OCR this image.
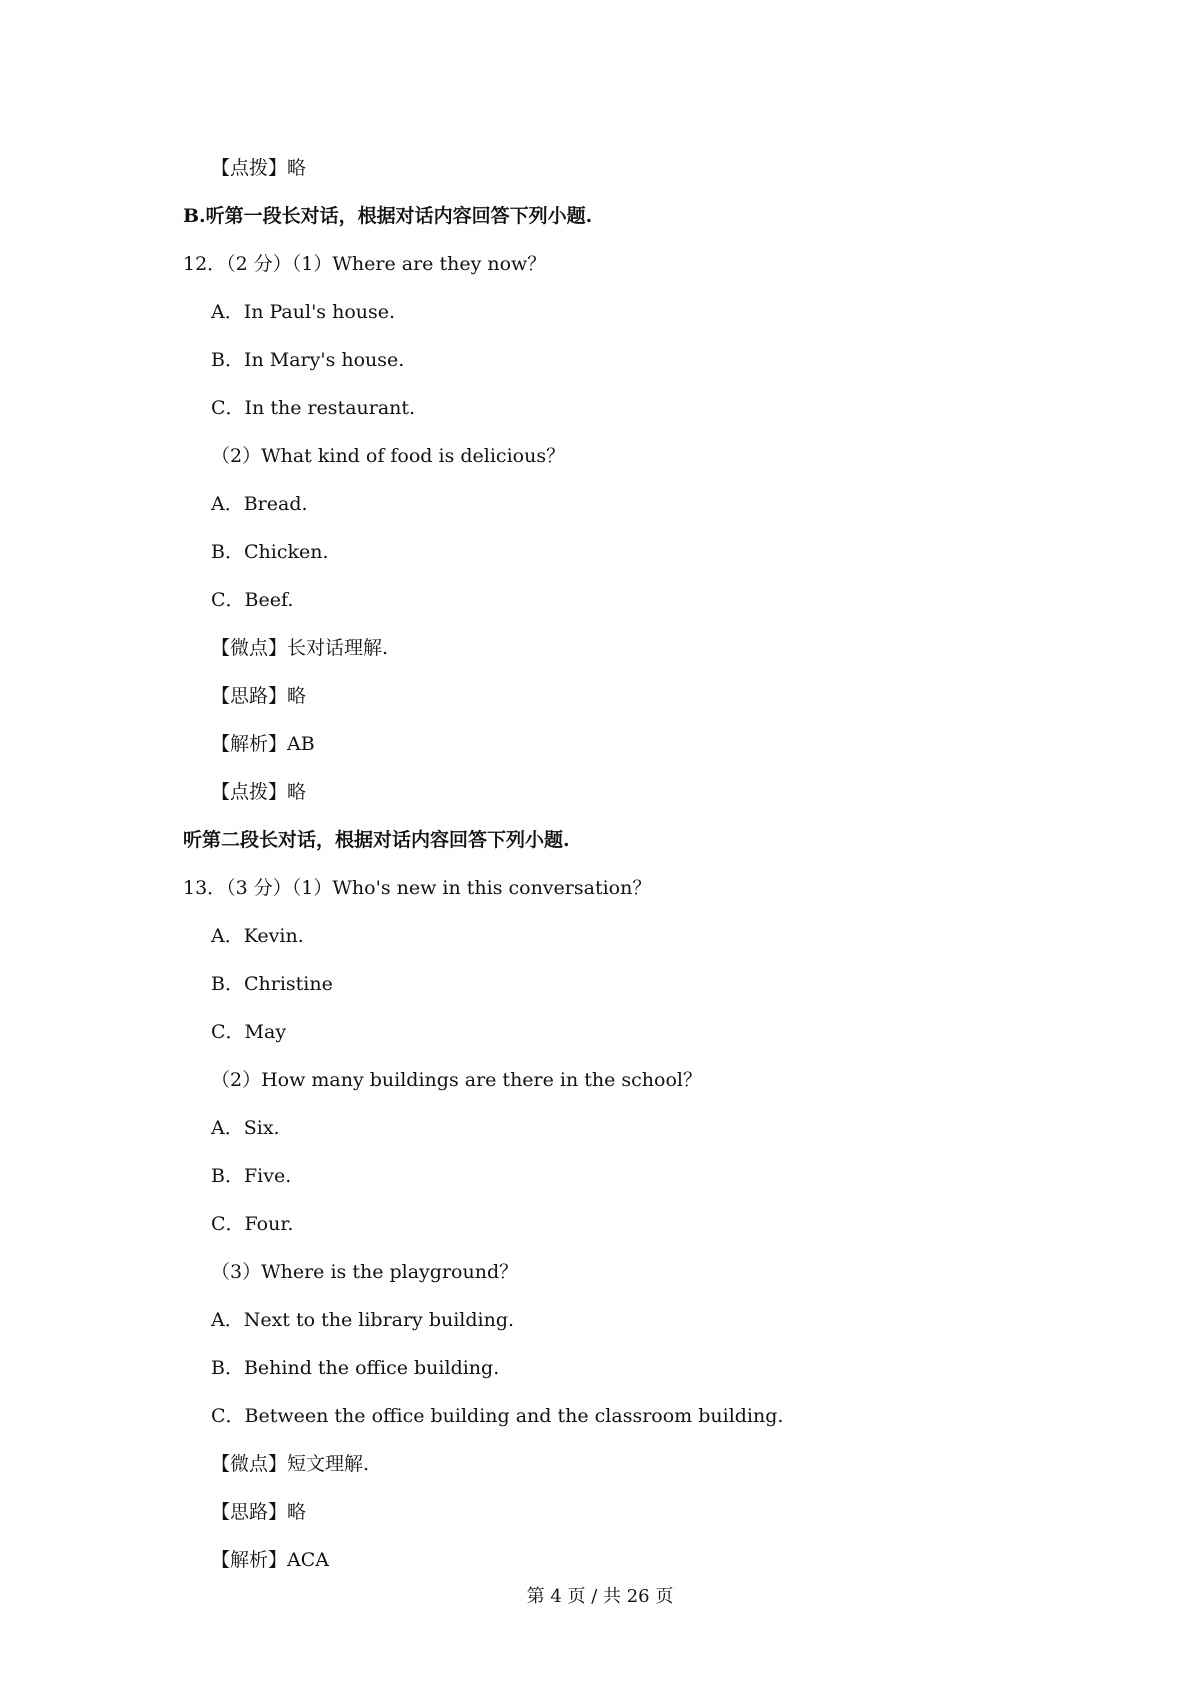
【点拨】略
B.听第一段长对话，根据对话内容回答下列小题.
12．（2 分）（1）Where are they now？
A．In Paul's house.
B．In Mary's house.
C．In the restaurant.
（2）What kind of food is delicious？
A．Bread.
B．Chicken.
C．Beef.
【微点】长对话理解.
【思路】略
【解析】AB
【点拨】略
听第二段长对话，根据对话内容回答下列小题.
13．（3 分）（1）Who's new in this conversation？
A．Kevin.
B．Christine
C．May
（2）How many buildings are there in the school？
A．Six.
B．Five.
C．Four.
（3）Where is the playground？
A．Next to the library building.
B．Behind the office building.
C．Between the office building and the classroom building.
【微点】短文理解.
【思路】略
【解析】ACA
第 4 页 / 共 26 页
